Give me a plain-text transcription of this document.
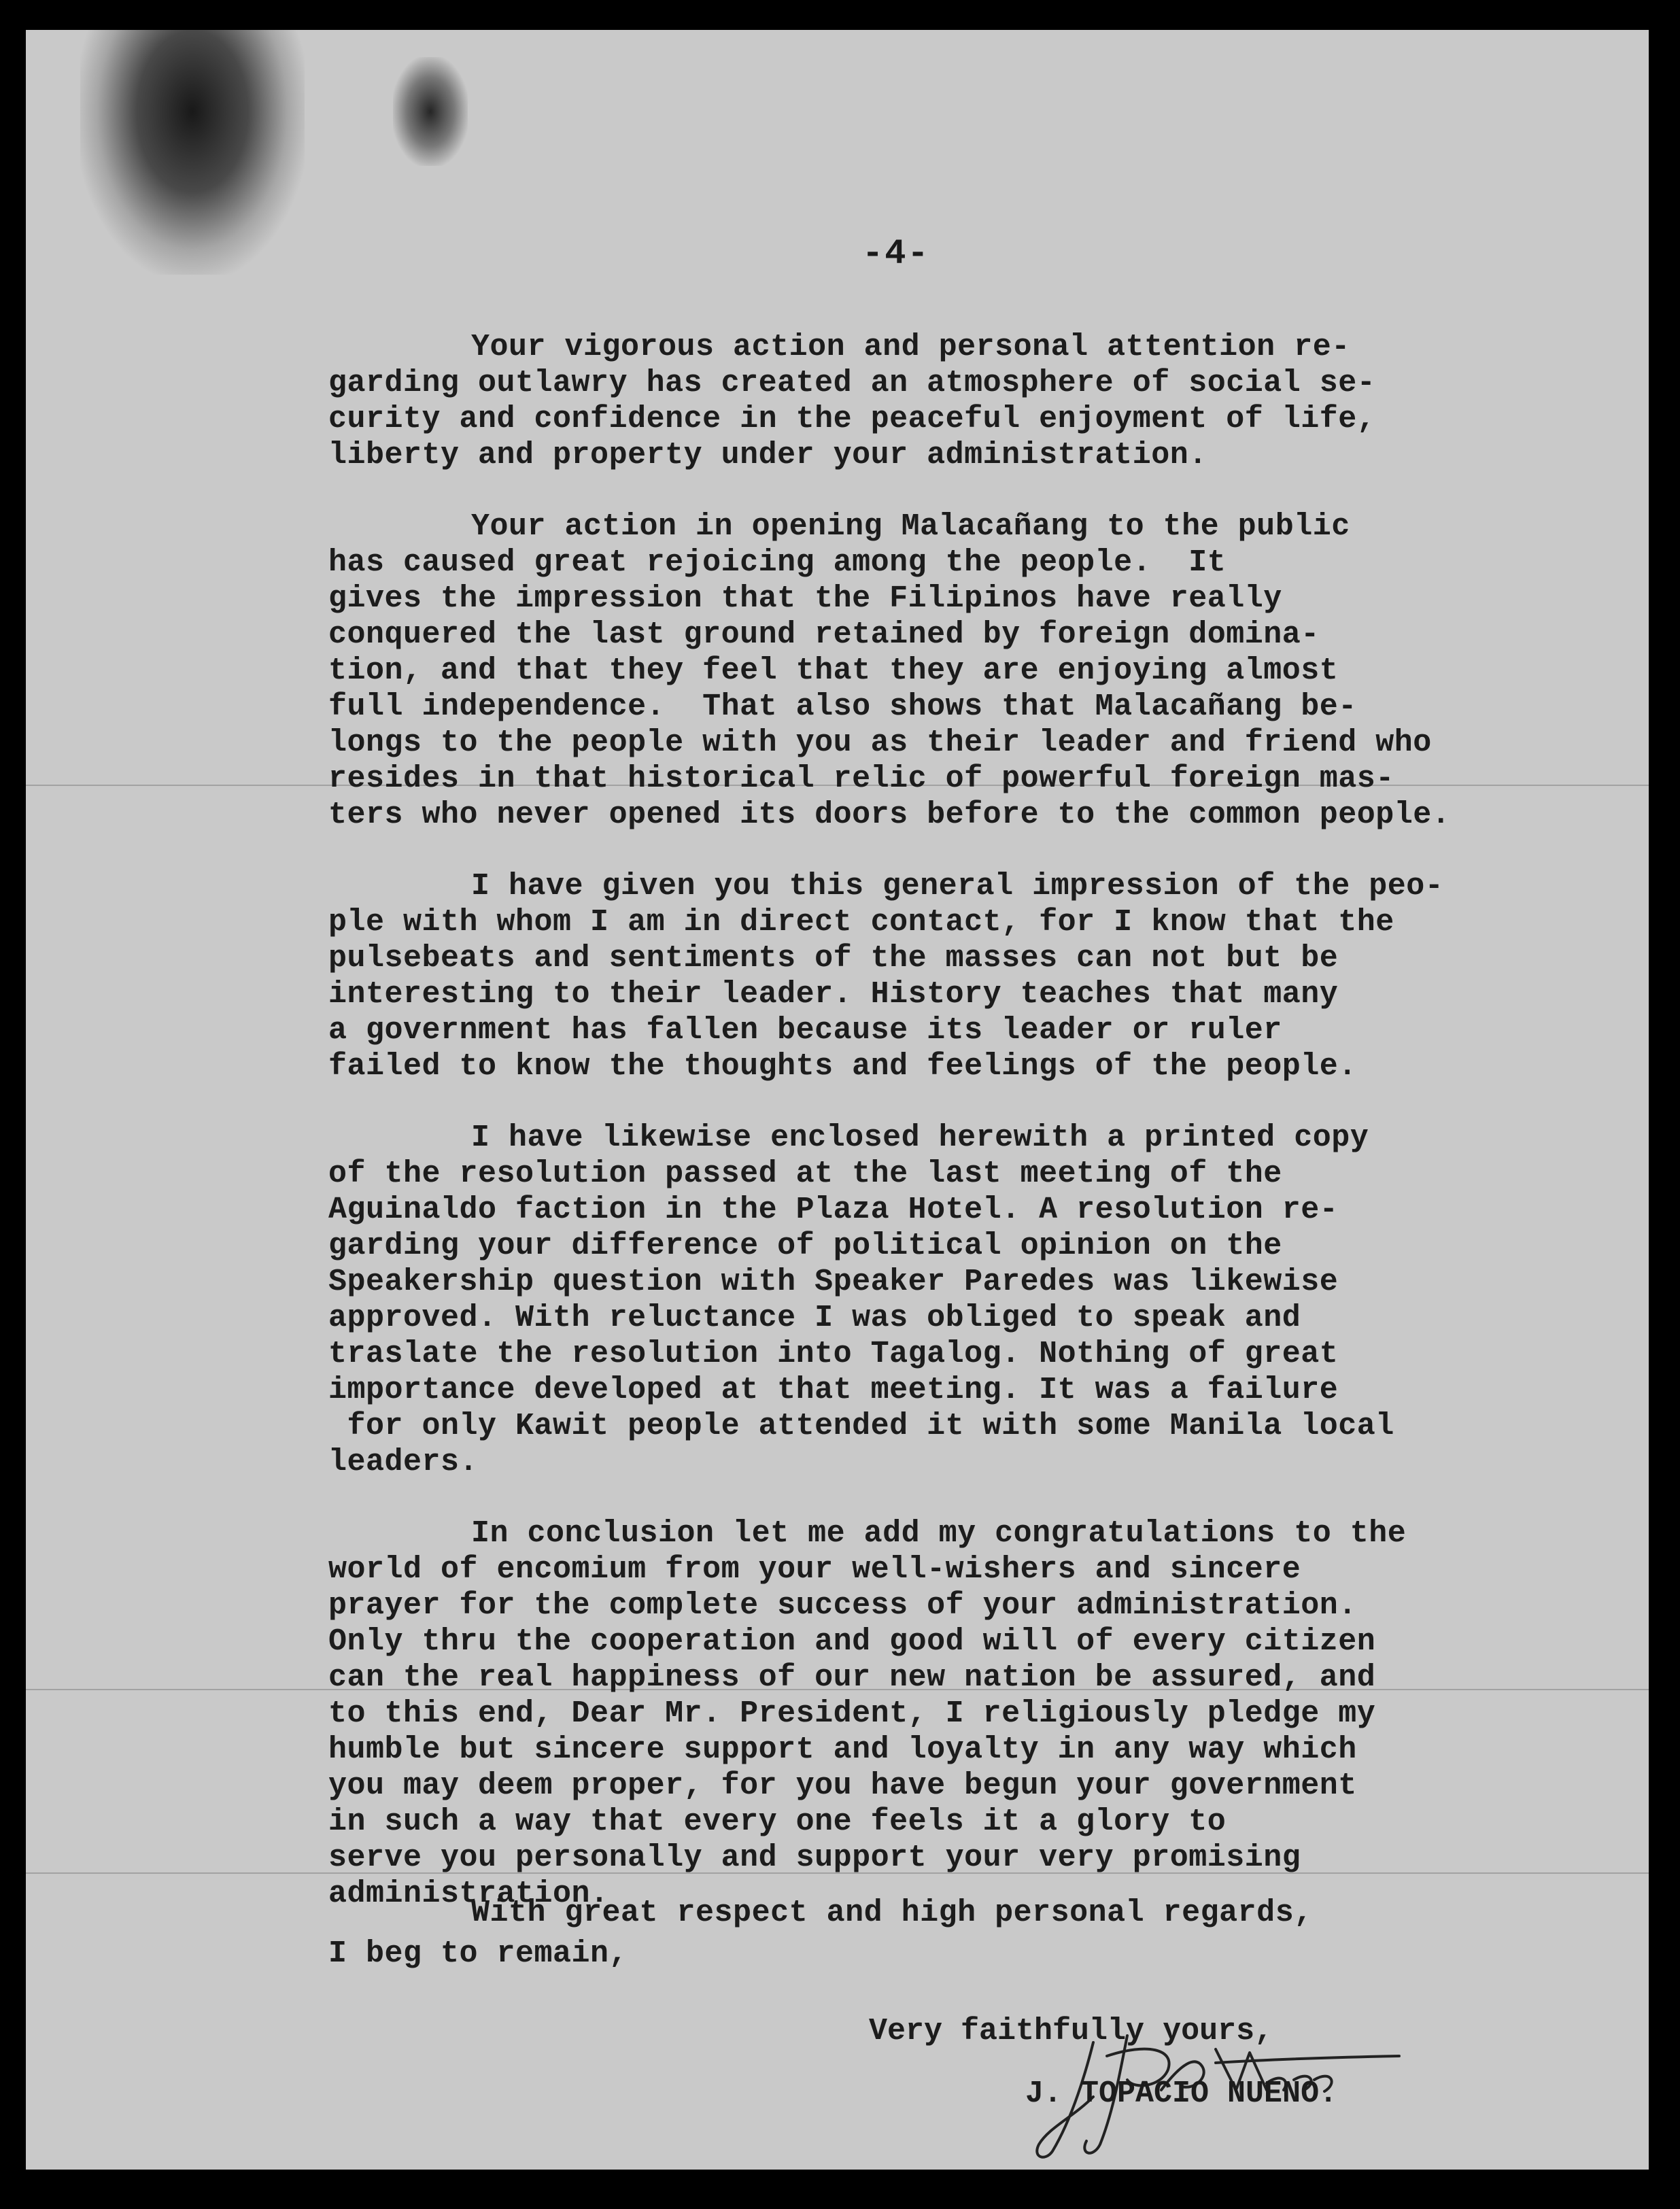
-4-
Your vigorous action and personal attention re-
garding outlawry has created an atmosphere of social se-
curity and confidence in the peaceful enjoyment of life,
liberty and property under your administration.
Your action in opening Malacañang to the public
has caused great rejoicing among the people.  It
gives the impression that the Filipinos have really
conquered the last ground retained by foreign domina-
tion, and that they feel that they are enjoying almost
full independence.  That also shows that Malacañang be-
longs to the people with you as their leader and friend who
resides in that historical relic of powerful foreign mas-
ters who never opened its doors before to the common people.
I have given you this general impression of the peo-
ple with whom I am in direct contact, for I know that the
pulsebeats and sentiments of the masses can not but be
interesting to their leader. History teaches that many
a government has fallen because its leader or ruler
failed to know the thoughts and feelings of the people.
I have likewise enclosed herewith a printed copy
of the resolution passed at the last meeting of the
Aguinaldo faction in the Plaza Hotel. A resolution re-
garding your difference of political opinion on the
Speakership question with Speaker Paredes was likewise
approved. With reluctance I was obliged to speak and
traslate the resolution into Tagalog. Nothing of great
importance developed at that meeting. It was a failure
for only Kawit people attended it with some Manila local
leaders.
In conclusion let me add my congratulations to the
world of encomium from your well-wishers and sincere
prayer for the complete success of your administration.
Only thru the cooperation and good will of every citizen
can the real happiness of our new nation be assured, and
to this end, Dear Mr. President, I religiously pledge my
humble but sincere support and loyalty in any way which
you may deem proper, for you have begun your government
in such a way that every one feels it a glory to
serve you personally and support your very promising
administration.
With great respect and high personal regards,
I beg to remain,
Very faithfully yours,
J. TOPACIO NUENO.
